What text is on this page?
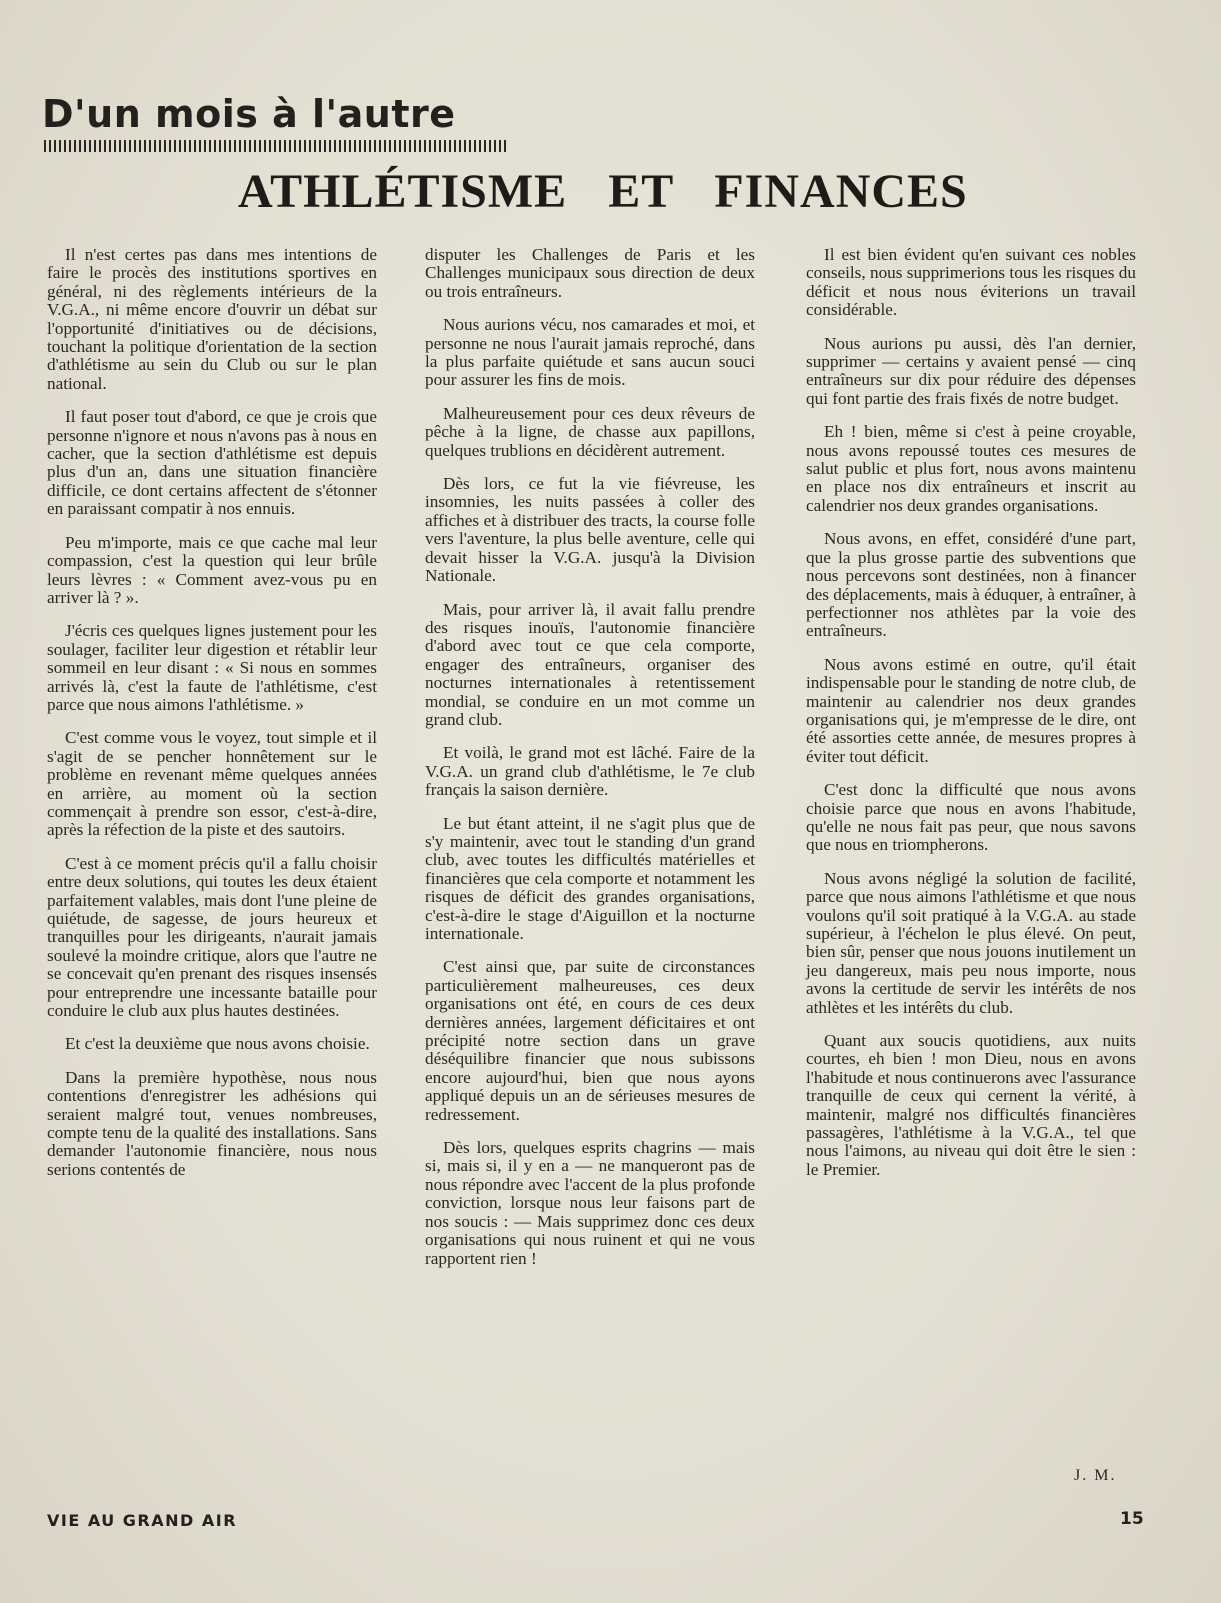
D'un mois à l'autre
ATHLÉTISME ET FINANCES

Il n'est certes pas dans mes intentions de faire le procès des institutions sportives en général, ni des règlements intérieurs de la V.G.A., ni même encore d'ouvrir un débat sur l'opportunité d'initiatives ou de décisions, touchant la politique d'orientation de la section d'athlétisme au sein du Club ou sur le plan national.

Il faut poser tout d'abord, ce que je crois que personne n'ignore et nous n'avons pas à nous en cacher, que la section d'athlétisme est depuis plus d'un an, dans une situation financière difficile, ce dont certains affectent de s'étonner en paraissant compatir à nos ennuis.

Peu m'importe, mais ce que cache mal leur compassion, c'est la question qui leur brûle leurs lèvres : « Comment avez-vous pu en arriver là ? ».

J'écris ces quelques lignes justement pour les soulager, faciliter leur digestion et rétablir leur sommeil en leur disant : « Si nous en sommes arrivés là, c'est la faute de l'athlétisme, c'est parce que nous aimons l'athlétisme. »

C'est comme vous le voyez, tout simple et il s'agit de se pencher honnêtement sur le problème en revenant même quelques années en arrière, au moment où la section commençait à prendre son essor, c'est-à-dire, après la réfection de la piste et des sautoirs.

C'est à ce moment précis qu'il a fallu choisir entre deux solutions, qui toutes les deux étaient parfaitement valables, mais dont l'une pleine de quiétude, de sagesse, de jours heureux et tranquilles pour les dirigeants, n'aurait jamais soulevé la moindre critique, alors que l'autre ne se concevait qu'en prenant des risques insensés pour entreprendre une incessante bataille pour conduire le club aux plus hautes destinées.

Et c'est la deuxième que nous avons choisie.

Dans la première hypothèse, nous nous contentions d'enregistrer les adhésions qui seraient malgré tout, venues nombreuses, compte tenu de la qualité des installations. Sans demander l'autonomie financière, nous nous serions contentés de

disputer les Challenges de Paris et les Challenges municipaux sous direction de deux ou trois entraîneurs.

Nous aurions vécu, nos camarades et moi, et personne ne nous l'aurait jamais reproché, dans la plus parfaite quiétude et sans aucun souci pour assurer les fins de mois.

Malheureusement pour ces deux rêveurs de pêche à la ligne, de chasse aux papillons, quelques trublions en décidèrent autrement.

Dès lors, ce fut la vie fiévreuse, les insomnies, les nuits passées à coller des affiches et à distribuer des tracts, la course folle vers l'aventure, la plus belle aventure, celle qui devait hisser la V.G.A. jusqu'à la Division Nationale.

Mais, pour arriver là, il avait fallu prendre des risques inouïs, l'autonomie financière d'abord avec tout ce que cela comporte, engager des entraîneurs, organiser des nocturnes internationales à retentissement mondial, se conduire en un mot comme un grand club.

Et voilà, le grand mot est lâché. Faire de la V.G.A. un grand club d'athlétisme, le 7e club français la saison dernière.

Le but étant atteint, il ne s'agit plus que de s'y maintenir, avec tout le standing d'un grand club, avec toutes les difficultés matérielles et financières que cela comporte et notamment les risques de déficit des grandes organisations, c'est-à-dire le stage d'Aiguillon et la nocturne internationale.

C'est ainsi que, par suite de circonstances particulièrement malheureuses, ces deux organisations ont été, en cours de ces deux dernières années, largement déficitaires et ont précipité notre section dans un grave déséquilibre financier que nous subissons encore aujourd'hui, bien que nous ayons appliqué depuis un an de sérieuses mesures de redressement.

Dès lors, quelques esprits chagrins — mais si, mais si, il y en a — ne manqueront pas de nous répondre avec l'accent de la plus profonde conviction, lorsque nous leur faisons part de nos soucis : — Mais supprimez donc ces deux organisations qui nous ruinent et qui ne vous rapportent rien !

Il est bien évident qu'en suivant ces nobles conseils, nous supprimerions tous les risques du déficit et nous nous éviterions un travail considérable.

Nous aurions pu aussi, dès l'an dernier, supprimer — certains y avaient pensé — cinq entraîneurs sur dix pour réduire des dépenses qui font partie des frais fixés de notre budget.

Eh ! bien, même si c'est à peine croyable, nous avons repoussé toutes ces mesures de salut public et plus fort, nous avons maintenu en place nos dix entraîneurs et inscrit au calendrier nos deux grandes organisations.

Nous avons, en effet, considéré d'une part, que la plus grosse partie des subventions que nous percevons sont destinées, non à financer des déplacements, mais à éduquer, à entraîner, à perfectionner nos athlètes par la voie des entraîneurs.

Nous avons estimé en outre, qu'il était indispensable pour le standing de notre club, de maintenir au calendrier nos deux grandes organisations qui, je m'empresse de le dire, ont été assorties cette année, de mesures propres à éviter tout déficit.

C'est donc la difficulté que nous avons choisie parce que nous en avons l'habitude, qu'elle ne nous fait pas peur, que nous savons que nous en triompherons.

Nous avons négligé la solution de facilité, parce que nous aimons l'athlétisme et que nous voulons qu'il soit pratiqué à la V.G.A. au stade supérieur, à l'échelon le plus élevé. On peut, bien sûr, penser que nous jouons inutilement un jeu dangereux, mais peu nous importe, nous avons la certitude de servir les intérêts de nos athlètes et les intérêts du club.

Quant aux soucis quotidiens, aux nuits courtes, eh bien ! mon Dieu, nous en avons l'habitude et nous continuerons avec l'assurance tranquille de ceux qui cernent la vérité, à maintenir, malgré nos difficultés financières passagères, l'athlétisme à la V.G.A., tel que nous l'aimons, au niveau qui doit être le sien : le Premier.

J. M.
VIE AU GRAND AIR	15
